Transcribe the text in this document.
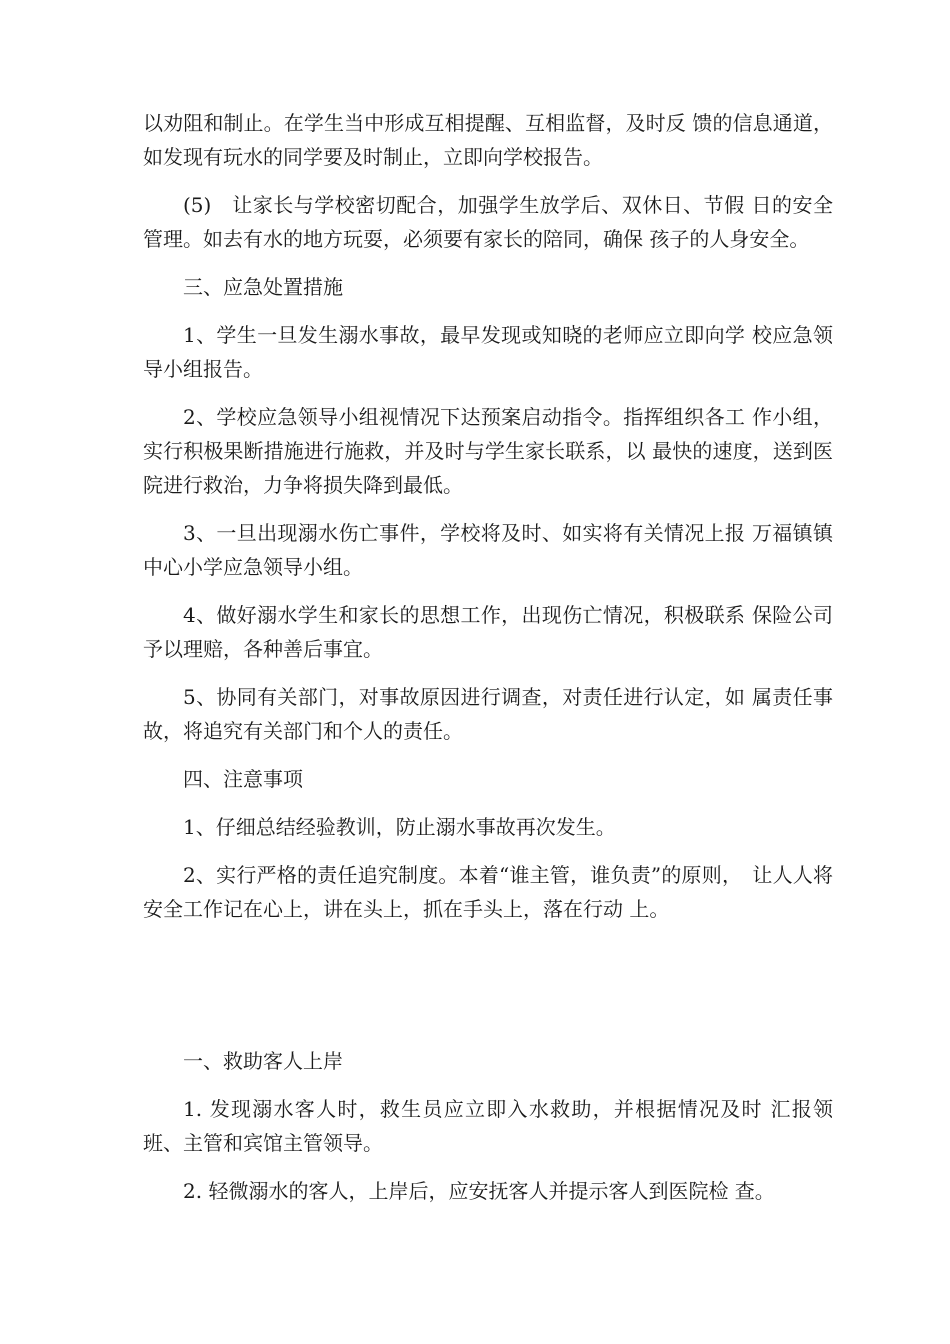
以劝阻和制止。在学生当中形成互相提醒、互相监督，及时反 馈的信息通道，如发现有玩水的同学要及时制止，立即向学校报告。

(5)　让家长与学校密切配合，加强学生放学后、双休日、节假 日的安全管理。如去有水的地方玩耍，必须要有家长的陪同，确保 孩子的人身安全。

三、应急处置措施

1、学生一旦发生溺水事故，最早发现或知晓的老师应立即向学 校应急领导小组报告。

2、学校应急领导小组视情况下达预案启动指令。指挥组织各工 作小组，实行积极果断措施进行施救，并及时与学生家长联系，以 最快的速度，送到医院进行救治，力争将损失降到最低。

3、一旦出现溺水伤亡事件，学校将及时、如实将有关情况上报 万福镇镇中心小学应急领导小组。

4、做好溺水学生和家长的思想工作，出现伤亡情况，积极联系 保险公司予以理赔，各种善后事宜。

5、协同有关部门，对事故原因进行调查，对责任进行认定，如 属责任事故，将追究有关部门和个人的责任。

四、注意事项

1、仔细总结经验教训，防止溺水事故再次发生。

2、实行严格的责任追究制度。本着“谁主管，谁负责”的原则，　让人人将安全工作记在心上，讲在头上，抓在手头上，落在行动 上。

一、救助客人上岸

1. 发现溺水客人时，救生员应立即入水救助，并根据情况及时 汇报领班、主管和宾馆主管领导。

2. 轻微溺水的客人，上岸后，应安抚客人并提示客人到医院检 查。
